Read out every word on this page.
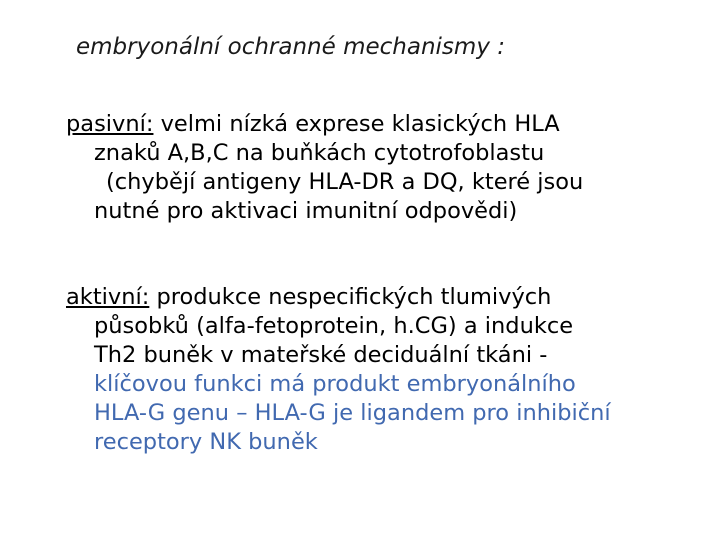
embryonální ochranné mechanismy :
pasivní: velmi nízká exprese klasických HLA
znaků A,B,C na buňkách cytotrofoblastu
(chybějí antigeny HLA-DR a DQ, které jsou
nutné pro aktivaci imunitní odpovědi)
aktivní: produkce nespecifických tlumivých
působků (alfa-fetoprotein, h.CG) a indukce
Th2 buněk v mateřské deciduální tkáni -
klíčovou funkci má produkt embryonálního
HLA-G genu – HLA-G je ligandem pro inhibiční
receptory NK buněk
